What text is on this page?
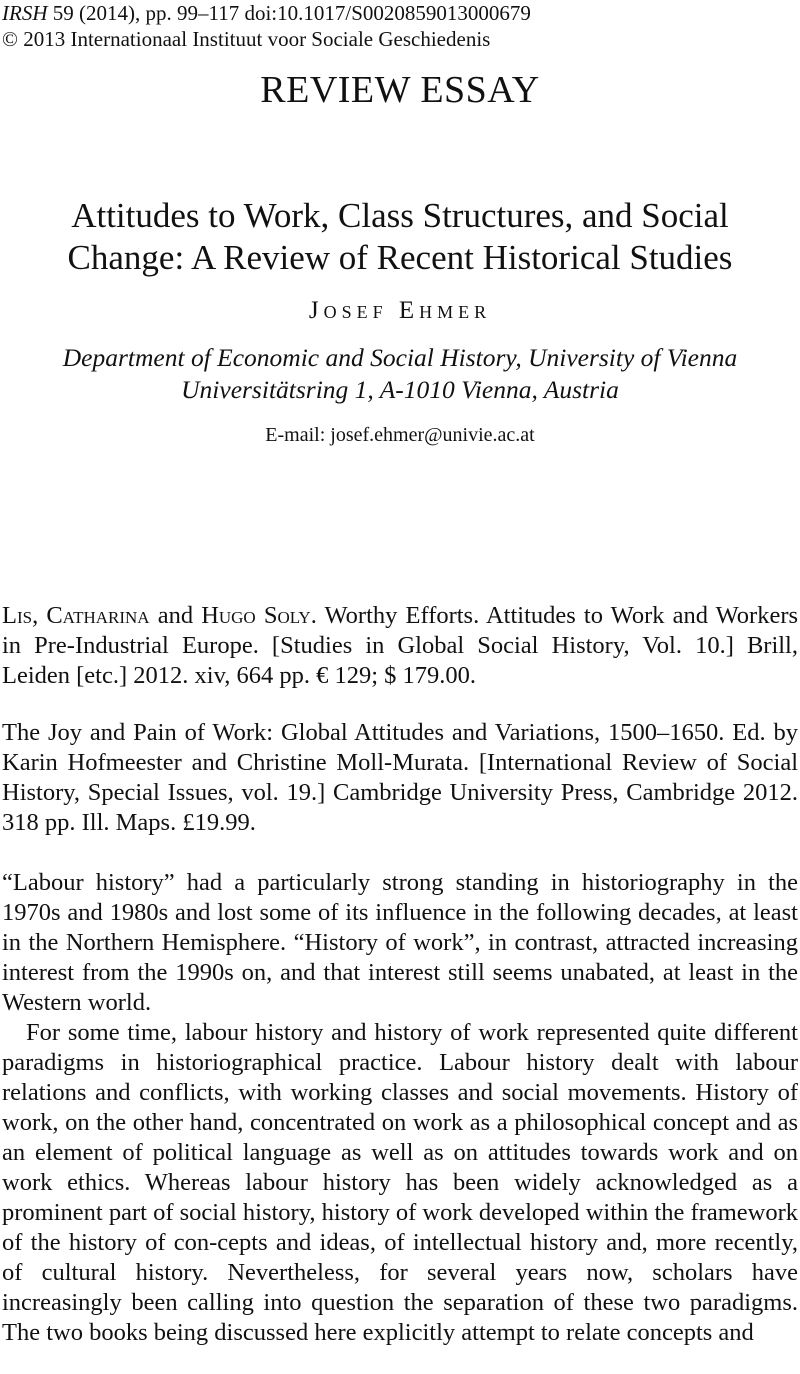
IRSH 59 (2014), pp. 99–117 doi:10.1017/S0020859013000679
© 2013 Internationaal Instituut voor Sociale Geschiedenis
REVIEW ESSAY
Attitudes to Work, Class Structures, and Social Change: A Review of Recent Historical Studies
Josef Ehmer
Department of Economic and Social History, University of Vienna
Universitätsring 1, A-1010 Vienna, Austria
E-mail: josef.ehmer@univie.ac.at

Lis, Catharina and Hugo Soly. Worthy Efforts. Attitudes to Work and Workers in Pre-Industrial Europe. [Studies in Global Social History, Vol. 10.] Brill, Leiden [etc.] 2012. xiv, 664 pp. € 129; $ 179.00.

The Joy and Pain of Work: Global Attitudes and Variations, 1500–1650. Ed. by Karin Hofmeester and Christine Moll-Murata. [International Review of Social History, Special Issues, vol. 19.] Cambridge University Press, Cambridge 2012. 318 pp. Ill. Maps. £19.99.

“Labour history” had a particularly strong standing in historiography in the 1970s and 1980s and lost some of its influence in the following decades, at least in the Northern Hemisphere. “History of work”, in contrast, attracted increasing interest from the 1990s on, and that interest still seems unabated, at least in the Western world.

For some time, labour history and history of work represented quite different paradigms in historiographical practice. Labour history dealt with labour relations and conflicts, with working classes and social movements. History of work, on the other hand, concentrated on work as a philosophical concept and as an element of political language as well as on attitudes towards work and on work ethics. Whereas labour history has been widely acknowledged as a prominent part of social history, history of work developed within the framework of the history of con-cepts and ideas, of intellectual history and, more recently, of cultural history. Nevertheless, for several years now, scholars have increasingly been calling into question the separation of these two paradigms. The two books being discussed here explicitly attempt to relate concepts and
